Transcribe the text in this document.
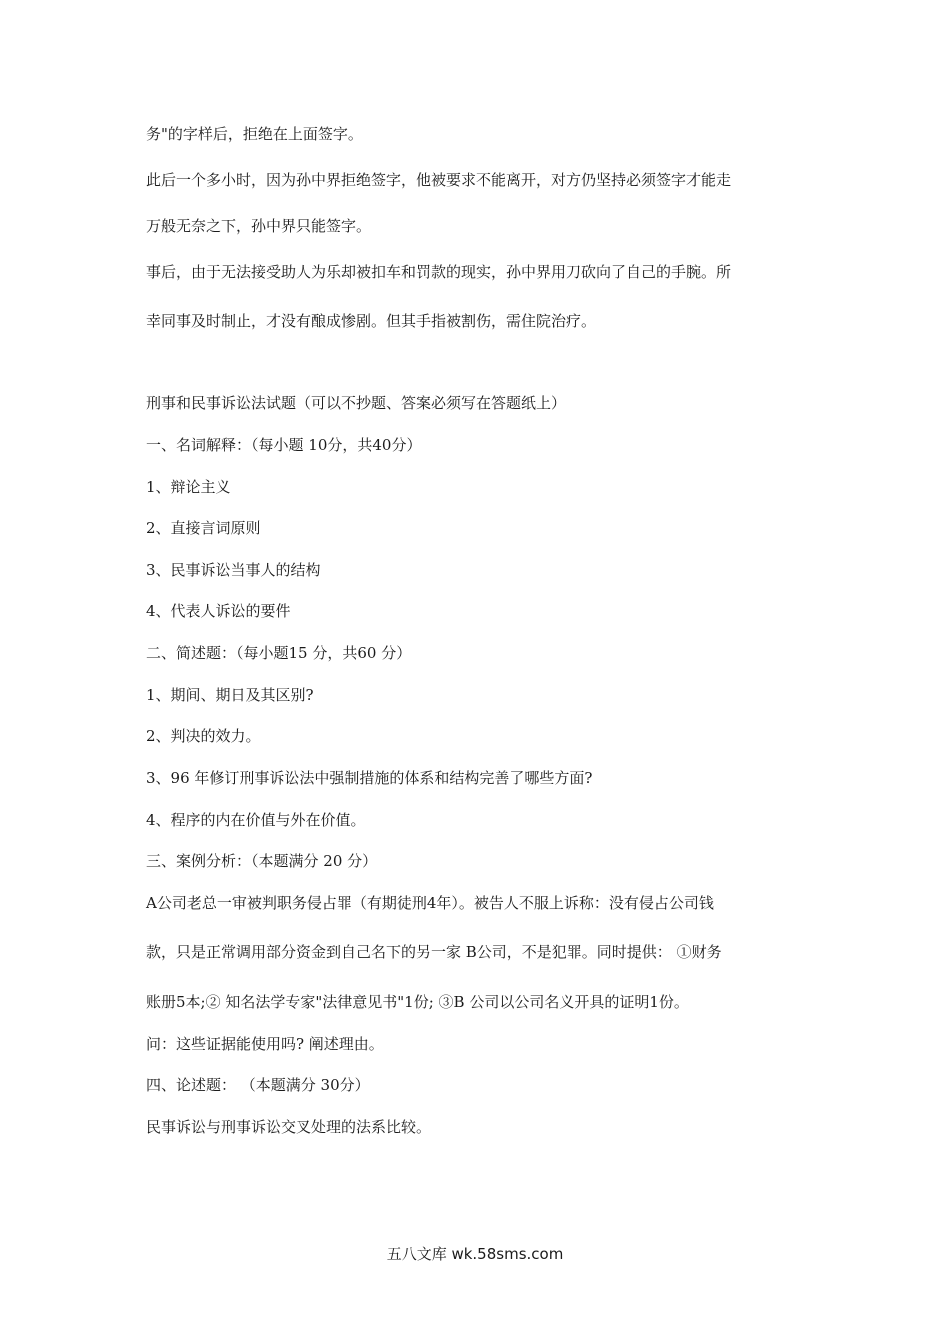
务"的字样后，拒绝在上面签字。
此后一个多小时，因为孙中界拒绝签字，他被要求不能离开，对方仍坚持必须签字才能走
万般无奈之下，孙中界只能签字。
事后，由于无法接受助人为乐却被扣车和罚款的现实，孙中界用刀砍向了自己的手腕。所
幸同事及时制止，才没有酿成惨剧。但其手指被割伤，需住院治疗。
刑事和民事诉讼法试题（可以不抄题、答案必须写在答题纸上）
一、名词解释：（每小题 10分，共40分）
1、辩论主义
2、直接言词原则
3、民事诉讼当事人的结构
4、代表人诉讼的要件
二、简述题：（每小题15 分，共60 分）
1、期间、期日及其区别?
2、判决的效力。
3、96 年修订刑事诉讼法中强制措施的体系和结构完善了哪些方面?
4、程序的内在价值与外在价值。
三、案例分析：（本题满分 20 分）
A公司老总一审被判职务侵占罪（有期徒刑4年）。被告人不服上诉称：没有侵占公司钱
款，只是正常调用部分资金到自己名下的另一家 B公司，不是犯罪。同时提供： ①财务
账册5本;② 知名法学专家"法律意见书"1份; ③B 公司以公司名义开具的证明1份。
问：这些证据能使用吗? 阐述理由。
四、论述题： （本题满分 30分）
民事诉讼与刑事诉讼交叉处理的法系比较。
五八文库 wk.58sms.com
